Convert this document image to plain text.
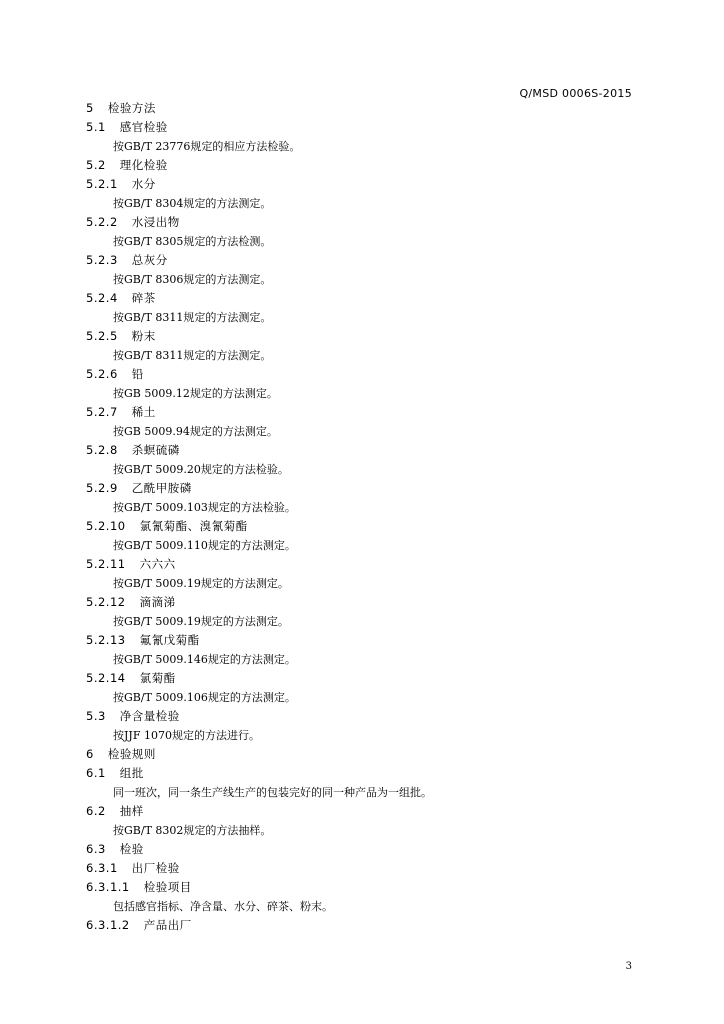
Q/MSD 0006S-2015
5 检验方法
5.1 感官检验
按GB/T 23776规定的相应方法检验。
5.2 理化检验
5.2.1 水分
按GB/T 8304规定的方法测定。
5.2.2 水浸出物
按GB/T 8305规定的方法检测。
5.2.3 总灰分
按GB/T 8306规定的方法测定。
5.2.4 碎茶
按GB/T 8311规定的方法测定。
5.2.5 粉末
按GB/T 8311规定的方法测定。
5.2.6 铅
按GB 5009.12规定的方法测定。
5.2.7 稀土
按GB 5009.94规定的方法测定。
5.2.8 杀螟硫磷
按GB/T 5009.20规定的方法检验。
5.2.9 乙酰甲胺磷
按GB/T 5009.103规定的方法检验。
5.2.10 氯氰菊酯、溴氰菊酯
按GB/T 5009.110规定的方法测定。
5.2.11 六六六
按GB/T 5009.19规定的方法测定。
5.2.12 滴滴涕
按GB/T 5009.19规定的方法测定。
5.2.13 氟氰戊菊酯
按GB/T 5009.146规定的方法测定。
5.2.14 氯菊酯
按GB/T 5009.106规定的方法测定。
5.3 净含量检验
按JJF 1070规定的方法进行。
6 检验规则
6.1 组批
同一班次，同一条生产线生产的包装完好的同一种产品为一组批。
6.2 抽样
按GB/T 8302规定的方法抽样。
6.3 检验
6.3.1 出厂检验
6.3.1.1 检验项目
包括感官指标、净含量、水分、碎茶、粉末。
6.3.1.2 产品出厂
3
